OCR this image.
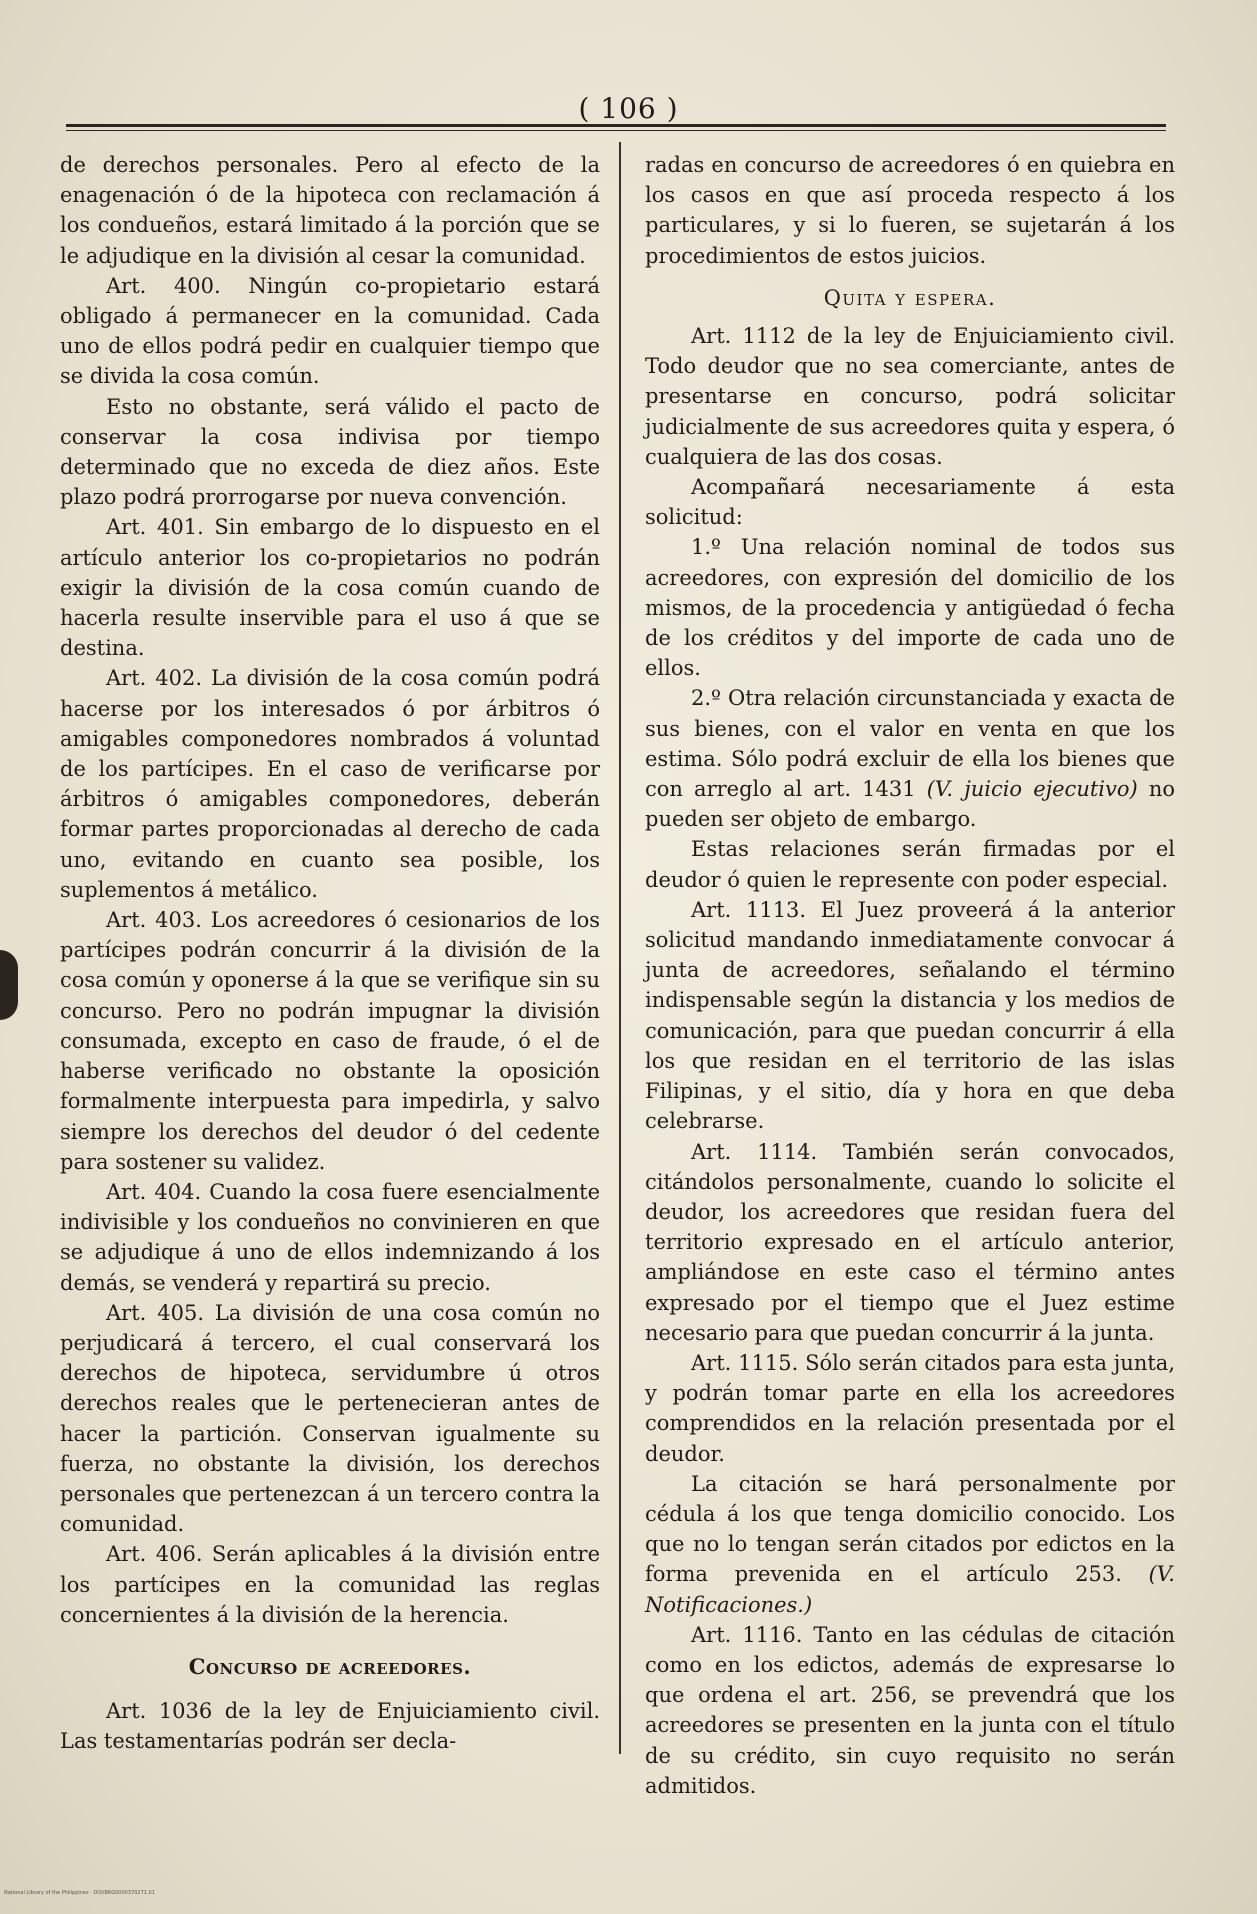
( 106 )

de derechos personales. Pero al efecto de la enagenación ó de la hipoteca con reclamación á los condueños, estará limitado á la porción que se le adjudique en la división al cesar la comunidad.

Art. 400. Ningún co-propietario estará obligado á permanecer en la comunidad. Cada uno de ellos podrá pedir en cualquier tiempo que se divida la cosa común.

Esto no obstante, será válido el pacto de conservar la cosa indivisa por tiempo determinado que no exceda de diez años. Este plazo podrá prorrogarse por nueva convención.

Art. 401. Sin embargo de lo dispuesto en el artículo anterior los co-propietarios no podrán exigir la división de la cosa común cuando de hacerla resulte inservible para el uso á que se destina.

Art. 402. La división de la cosa común podrá hacerse por los interesados ó por árbitros ó amigables componedores nombrados á voluntad de los partícipes. En el caso de verificarse por árbitros ó amigables componedores, deberán formar partes proporcionadas al derecho de cada uno, evitando en cuanto sea posible, los suplementos á metálico.

Art. 403. Los acreedores ó cesionarios de los partícipes podrán concurrir á la división de la cosa común y oponerse á la que se verifique sin su concurso. Pero no podrán impugnar la división consumada, excepto en caso de fraude, ó el de haberse verificado no obstante la oposición formalmente interpuesta para impedirla, y salvo siempre los derechos del deudor ó del cedente para sostener su validez.

Art. 404. Cuando la cosa fuere esencialmente indivisible y los condueños no convinieren en que se adjudique á uno de ellos indemnizando á los demás, se venderá y repartirá su precio.

Art. 405. La división de una cosa común no perjudicará á tercero, el cual conservará los derechos de hipoteca, servidumbre ú otros derechos reales que le pertenecieran antes de hacer la partición. Conservan igualmente su fuerza, no obstante la división, los derechos personales que pertenezcan á un tercero contra la comunidad.

Art. 406. Serán aplicables á la división entre los partícipes en la comunidad las reglas concernientes á la división de la herencia.

Concurso de acreedores.

Art. 1036 de la ley de Enjuiciamiento civil. Las testamentarías podrán ser decla-

radas en concurso de acreedores ó en quiebra en los casos en que así proceda respecto á los particulares, y si lo fueren, se sujetarán á los procedimientos de estos juicios.

Quita y espera.

Art. 1112 de la ley de Enjuiciamiento civil. Todo deudor que no sea comerciante, antes de presentarse en concurso, podrá solicitar judicialmente de sus acreedores quita y espera, ó cualquiera de las dos cosas.

Acompañará necesariamente á esta solicitud:

1.º Una relación nominal de todos sus acreedores, con expresión del domicilio de los mismos, de la procedencia y antigüedad ó fecha de los créditos y del importe de cada uno de ellos.

2.º Otra relación circunstanciada y exacta de sus bienes, con el valor en venta en que los estima. Sólo podrá excluir de ella los bienes que con arreglo al art. 1431 (V. juicio ejecutivo) no pueden ser objeto de embargo.

Estas relaciones serán firmadas por el deudor ó quien le represente con poder especial.

Art. 1113. El Juez proveerá á la anterior solicitud mandando inmediatamente convocar á junta de acreedores, señalando el término indispensable según la distancia y los medios de comunicación, para que puedan concurrir á ella los que residan en el territorio de las islas Filipinas, y el sitio, día y hora en que deba celebrarse.

Art. 1114. También serán convocados, citándolos personalmente, cuando lo solicite el deudor, los acreedores que residan fuera del territorio expresado en el artículo anterior, ampliándose en este caso el término antes expresado por el tiempo que el Juez estime necesario para que puedan concurrir á la junta.

Art. 1115. Sólo serán citados para esta junta, y podrán tomar parte en ella los acreedores comprendidos en la relación presentada por el deudor.

La citación se hará personalmente por cédula á los que tenga domicilio conocido. Los que no lo tengan serán citados por edictos en la forma prevenida en el artículo 253. (V. Notificaciones.)

Art. 1116. Tanto en las cédulas de citación como en los edictos, además de expresarse lo que ordena el art. 256, se prevendrá que los acreedores se presenten en la junta con el título de su crédito, sin cuyo requisito no serán admitidos.

National Library of the Philippines · DOI/BRG0000370271.01
